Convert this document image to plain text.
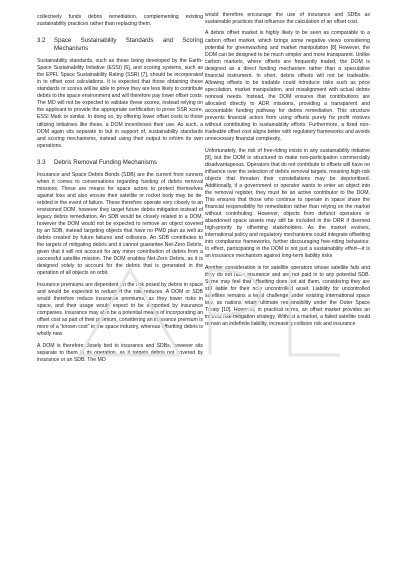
collectively funds debris remediation, complementing existing sustainability practices rather than replacing them.

3.2	Space Sustainability Standards and Scoring Mechanisms

Sustainability standards, such as those being developed by the Earth-Space Sustainability Initiative (ESSI) [6], and scoring systems, such as the EPFL Space Sustainability Rating (SSR) [7], should be incorporated in to offset cost calculations. It is expected that those obtaining these standards or scores will be able to prove they are less likely to contribute debris to the space environment and will therefore pay lower offset costs. The MO will not be expected to validate these scores, instead relying on the applicant to provide the appropriate certification to prove SSR score, ESSI Mark or similar. In doing so, by offering lower offset costs to those utilizing initiatives like these, a DOM incentivises their use. As such, a DOM again sits separate to but in support of, sustainability standards and scoring mechanisms, instead using their output to inform its own operations.

3.3	Debris Removal Funding Mechanisms

Insurance and Space Debris Bonds (SDB) are the current front runners when it comes to conversations regarding funding of debris removal missions. These are means for space actors to protect themselves against loss and also ensure their satellite or rocket body may be de-orbited in the event of failure. These therefore operate very closely to an envisioned DOM, however they target future debris mitigation instead of legacy debris remediation. An SDB would be closely related to a DOM, however the DOM would not be expected to remove an object covered by an SDB, instead targeting objects that have no PMD plan as well as debris created by future failures and collisions. An SDB contributes to the targets of mitigating debris and it cannot guarantee Net-Zero Debris, given that it will not account for any minor contribution of debris from a successful satellite mission. The DOM enables Net-Zero Debris, as it is designed solely to account for the debris that is generated in the operation of all objects on orbit.

Insurance premiums are dependent on the risk posed by debris in space and would be expected to reduce if the risk reduces. A DOM or SDB would therefore reduce insurance premiums, as they lower risks in space, and their usage would expect to be supported by insurance companies. Insurance may also be a potential means of incorporating an offset cost as part of their premium, considering an insurance premium is more of a “known cost” to the space industry, whereas offsetting debris is wholly new.

A DOM is therefore closely tied to insurance and SDBs, however sits separate to them in its operation, as it targets debris not covered by insurance or an SDB. The MO

would therefore encourage the use of insurance and SDBs as sustainable practices that influence the calculation of an offset cost.

A debris offset market is highly likely to be seen as comparable to a carbon offset market, which brings some negative views considering potential for greenwashing and market manipulation [8] However, the DOM can be designed to be much simpler and more transparent. Unlike carbon markets, where offsets are frequently traded, the DOM is designed as a direct funding mechanism rather than a speculative financial instrument. In short, debris offsets will not be tradeable. Allowing offsets to be tradable could introduce risks such as price speculation, market manipulation, and misalignment with actual debris removal needs. Instead, the DOM ensures that contributions are allocated directly to ADR missions, providing a transparent and accountable funding pathway for debris remediation. This structure prevents financial actors from using offsets purely for profit motives without contributing to sustainability efforts. Furthermore, a fixed non-tradeable offset cost aligns better with regulatory frameworks and avoids unnecessary financial complexity.

Unfortunately, the risk of free-riding exists in any sustainability initiative [9], but the DOM is structured to make non-participation commercially disadvantageous. Operators that do not contribute to offsets will have no influence over the selection of debris removal targets, meaning high-risk objects that threaten their constellations may be deprioritised. Additionally, if a government or operator wants to enter an object into the removal register, they must be an active contributor to the DOM. This ensures that those who continue to operate in space share the financial responsibility for remediation rather than relying on the market without contributing. However, objects from defunct operators or abandoned space assets may still be included in the DRR if deemed high-priority by offsetting stakeholders. As the market evolves, international policy and regulatory mechanisms could integrate offsetting into compliance frameworks, further discouraging free-riding behaviour. In effect, participating in the DOM is not just a sustainability effort—it is an insurance mechanism against long-term liability risks

Another consideration is for satellite operators whose satellite fails and they do not have insurance and are not paid in to any potential SDB. Some may feel that offsetting does not aid them, considering they are still liable for their now uncontrolled asset. Liability for uncontrolled satellites remains a legal challenge under existing international space law, as nations retain ultimate responsibility under the Outer Space Treaty [10]. However, in practical terms, an offset market provides an indirect risk-mitigation strategy. Without a market, a failed satellite could remain an indefinite liability, increasing collision risk and insurance
